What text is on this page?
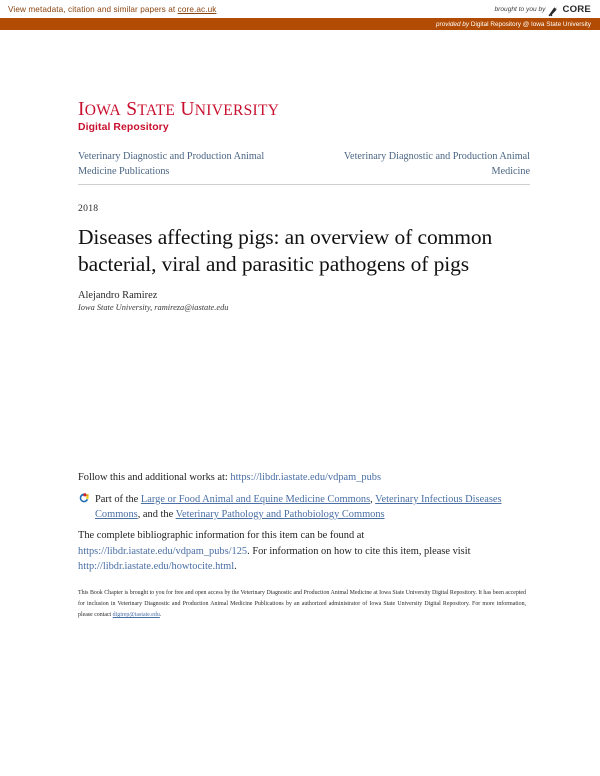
View metadata, citation and similar papers at core.ac.uk	brought to you by CORE
provided by Digital Repository @ Iowa State University
IOWA STATE UNIVERSITY
Digital Repository
Veterinary Diagnostic and Production Animal Medicine Publications
Veterinary Diagnostic and Production Animal Medicine
2018
Diseases affecting pigs: an overview of common bacterial, viral and parasitic pathogens of pigs
Alejandro Ramirez
Iowa State University, ramireza@iastate.edu
Follow this and additional works at: https://libdr.iastate.edu/vdpam_pubs
Part of the Large or Food Animal and Equine Medicine Commons, Veterinary Infectious Diseases Commons, and the Veterinary Pathology and Pathobiology Commons
The complete bibliographic information for this item can be found at https://libdr.iastate.edu/vdpam_pubs/125. For information on how to cite this item, please visit http://libdr.iastate.edu/howtocite.html.
This Book Chapter is brought to you for free and open access by the Veterinary Diagnostic and Production Animal Medicine at Iowa State University Digital Repository. It has been accepted for inclusion in Veterinary Diagnostic and Production Animal Medicine Publications by an authorized administrator of Iowa State University Digital Repository. For more information, please contact digirep@iastate.edu.
